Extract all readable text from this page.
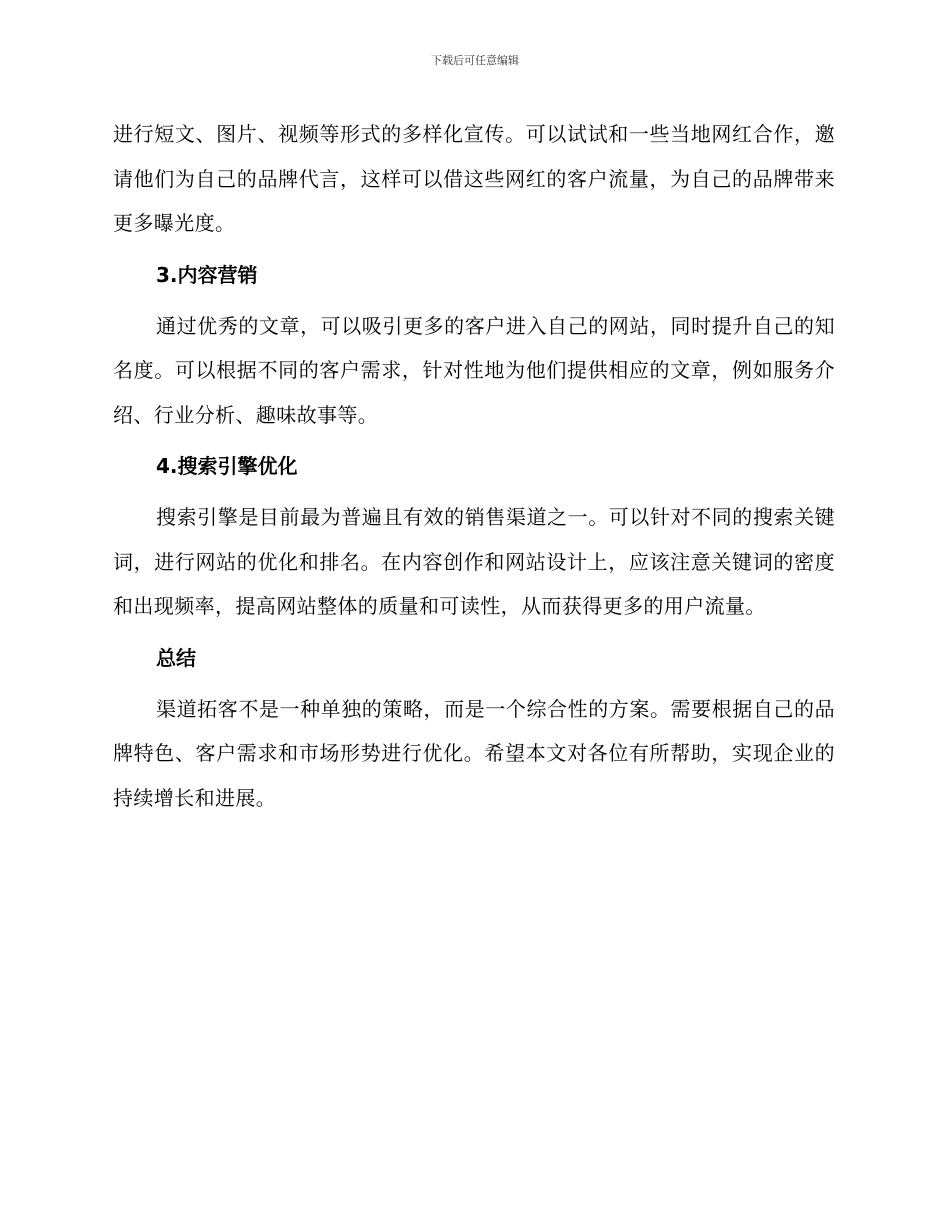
下载后可任意编辑

进行短文、图片、视频等形式的多样化宣传。可以试试和一些当地网红合作，邀请他们为自己的品牌代言，这样可以借这些网红的客户流量，为自己的品牌带来更多曝光度。

3.内容营销

通过优秀的文章，可以吸引更多的客户进入自己的网站，同时提升自己的知名度。可以根据不同的客户需求，针对性地为他们提供相应的文章，例如服务介绍、行业分析、趣味故事等。

4.搜索引擎优化

搜索引擎是目前最为普遍且有效的销售渠道之一。可以针对不同的搜索关键词，进行网站的优化和排名。在内容创作和网站设计上，应该注意关键词的密度和出现频率，提高网站整体的质量和可读性，从而获得更多的用户流量。

总结

渠道拓客不是一种单独的策略，而是一个综合性的方案。需要根据自己的品牌特色、客户需求和市场形势进行优化。希望本文对各位有所帮助，实现企业的持续增长和进展。
